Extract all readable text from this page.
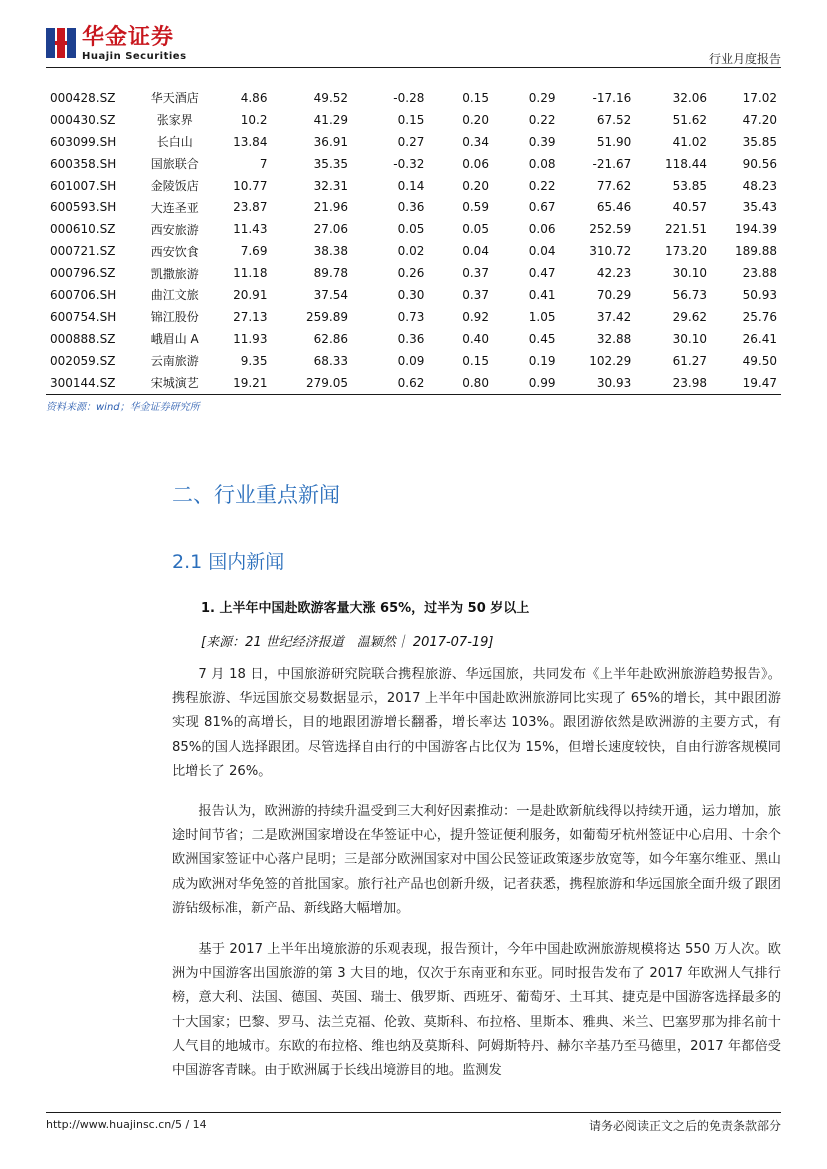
华金证券
Huajin Securities	行业月度报告
000428.SZ	华天酒店	4.86	49.52	-0.28	0.15	0.29	-17.16	32.06	17.02
000430.SZ	张家界	10.2	41.29	0.15	0.20	0.22	67.52	51.62	47.20
603099.SH	长白山	13.84	36.91	0.27	0.34	0.39	51.90	41.02	35.85
600358.SH	国旅联合	7	35.35	-0.32	0.06	0.08	-21.67	118.44	90.56
601007.SH	金陵饭店	10.77	32.31	0.14	0.20	0.22	77.62	53.85	48.23
600593.SH	大连圣亚	23.87	21.96	0.36	0.59	0.67	65.46	40.57	35.43
000610.SZ	西安旅游	11.43	27.06	0.05	0.05	0.06	252.59	221.51	194.39
000721.SZ	西安饮食	7.69	38.38	0.02	0.04	0.04	310.72	173.20	189.88
000796.SZ	凯撒旅游	11.18	89.78	0.26	0.37	0.47	42.23	30.10	23.88
600706.SH	曲江文旅	20.91	37.54	0.30	0.37	0.41	70.29	56.73	50.93
600754.SH	锦江股份	27.13	259.89	0.73	0.92	1.05	37.42	29.62	25.76
000888.SZ	峨眉山 A	11.93	62.86	0.36	0.40	0.45	32.88	30.10	26.41
002059.SZ	云南旅游	9.35	68.33	0.09	0.15	0.19	102.29	61.27	49.50
300144.SZ	宋城演艺	19.21	279.05	0.62	0.80	0.99	30.93	23.98	19.47
资料来源：wind；华金证券研究所
二、行业重点新闻
2.1 国内新闻
1. 上半年中国赴欧游客量大涨 65%，过半为 50 岁以上
[来源：21 世纪经济报道　温颖然｜ 2017-07-19]

7 月 18 日，中国旅游研究院联合携程旅游、华远国旅，共同发布《上半年赴欧洲旅游趋势报告》。携程旅游、华远国旅交易数据显示，2017 上半年中国赴欧洲旅游同比实现了 65%的增长，其中跟团游实现 81%的高增长，目的地跟团游增长翻番，增长率达 103%。跟团游依然是欧洲游的主要方式，有 85%的国人选择跟团。尽管选择自由行的中国游客占比仅为 15%，但增长速度较快，自由行游客规模同比增长了 26%。

报告认为，欧洲游的持续升温受到三大利好因素推动：一是赴欧新航线得以持续开通，运力增加，旅途时间节省；二是欧洲国家增设在华签证中心，提升签证便利服务，如葡萄牙杭州签证中心启用、十余个欧洲国家签证中心落户昆明；三是部分欧洲国家对中国公民签证政策逐步放宽等，如今年塞尔维亚、黑山成为欧洲对华免签的首批国家。旅行社产品也创新升级，记者获悉，携程旅游和华远国旅全面升级了跟团游钻级标准，新产品、新线路大幅增加。

基于 2017 上半年出境旅游的乐观表现，报告预计，今年中国赴欧洲旅游规模将达 550 万人次。欧洲为中国游客出国旅游的第 3 大目的地，仅次于东南亚和东亚。同时报告发布了 2017 年欧洲人气排行榜，意大利、法国、德国、英国、瑞士、俄罗斯、西班牙、葡萄牙、土耳其、捷克是中国游客选择最多的十大国家；巴黎、罗马、法兰克福、伦敦、莫斯科、布拉格、里斯本、雅典、米兰、巴塞罗那为排名前十人气目的地城市。东欧的布拉格、维也纳及莫斯科、阿姆斯特丹、赫尔辛基乃至马德里，2017 年都倍受中国游客青睐。由于欧洲属于长线出境游目的地。监测发

http://www.huajinsc.cn/5 / 14	请务必阅读正文之后的免责条款部分
